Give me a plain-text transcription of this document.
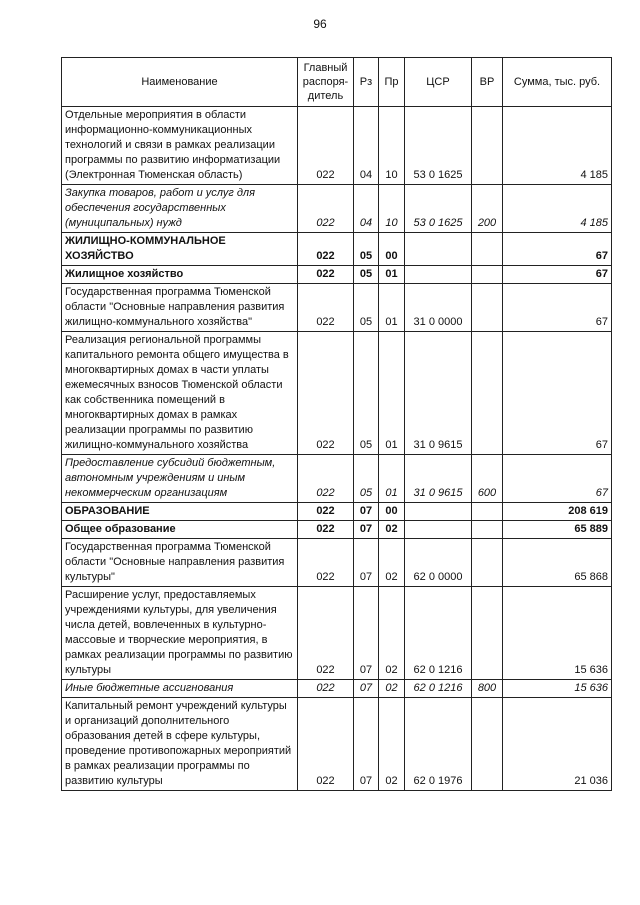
96
Наименование	Главный распоря-дитель	Рз	Пр	ЦСР	ВР	Сумма, тыс. руб.
Отдельные мероприятия в области информационно-коммуникационных технологий и связи в рамках реализации программы по развитию информатизации (Электронная Тюменская область)	022	04	10	53 0 1625		4 185
Закупка товаров, работ и услуг для обеспечения государственных (муниципальных) нужд	022	04	10	53 0 1625	200	4 185
ЖИЛИЩНО-КОММУНАЛЬНОЕ ХОЗЯЙСТВО	022	05	00			67
Жилищное хозяйство	022	05	01			67
Государственная программа Тюменской области "Основные направления развития жилищно-коммунального хозяйства"	022	05	01	31 0 0000		67
Реализация региональной программы капитального ремонта общего имущества в многоквартирных домах в части уплаты ежемесячных взносов Тюменской области как собственника помещений в многоквартирных домах в рамках реализации программы по развитию жилищно-коммунального хозяйства	022	05	01	31 0 9615		67
Предоставление субсидий бюджетным, автономным учреждениям и иным некоммерческим организациям	022	05	01	31 0 9615	600	67
ОБРАЗОВАНИЕ	022	07	00			208 619
Общее образование	022	07	02			65 889
Государственная программа Тюменской области "Основные направления развития культуры"	022	07	02	62 0 0000		65 868
Расширение услуг, предоставляемых учреждениями культуры, для увеличения числа детей, вовлеченных в культурно-массовые и творческие мероприятия, в рамках реализации программы по развитию культуры	022	07	02	62 0 1216		15 636
Иные бюджетные ассигнования	022	07	02	62 0 1216	800	15 636
Капитальный ремонт учреждений культуры и организаций дополнительного образования детей в сфере культуры, проведение противопожарных мероприятий в рамках реализации программы по развитию культуры	022	07	02	62 0 1976		21 036
